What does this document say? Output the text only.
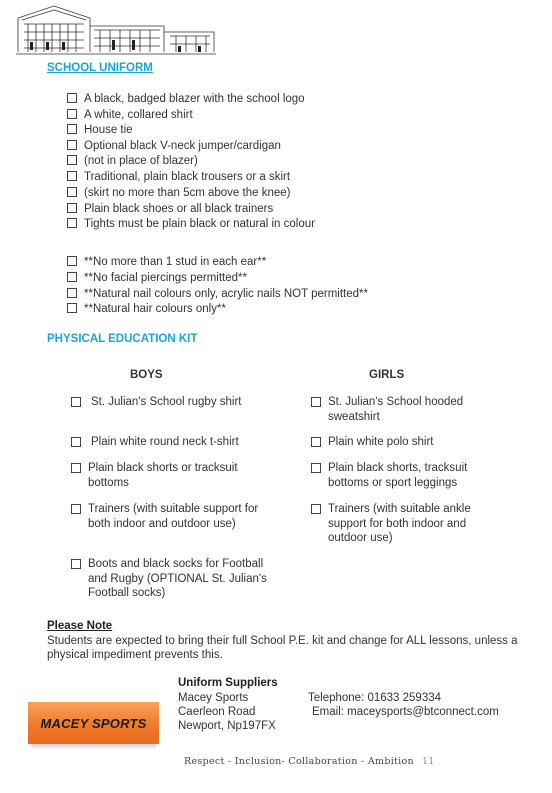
SCHOOL UNIFORM
A black, badged blazer with the school logo
A white, collared shirt
House tie
Optional black V-neck jumper/cardigan
(not in place of blazer)
Traditional, plain black trousers or a skirt
(skirt no more than 5cm above the knee)
Plain black shoes or all black trainers
Tights must be plain black or natural in colour
**No more than 1 stud in each ear**
**No facial piercings permitted**
**Natural nail colours only, acrylic nails NOT permitted**
**Natural hair colours only**
PHYSICAL EDUCATION KIT
BOYS	GIRLS
St. Julian's School rugby shirt
Plain white round neck t-shirt
Plain black shorts or tracksuit bottoms
Trainers (with suitable support for both indoor and outdoor use)
Boots and black socks for Football and Rugby (OPTIONAL St. Julian's Football socks)
St. Julian's School hooded sweatshirt
Plain white polo shirt
Plain black shorts, tracksuit bottoms or sport leggings
Trainers (with suitable ankle support for both indoor and outdoor use)
Please Note
Students are expected to bring their full School P.E. kit and change for ALL lessons, unless a physical impediment prevents this.
Uniform Suppliers
Macey Sports
Caerleon Road
Newport, Np197FX
Telephone: 01633 259334
Email: maceysports@btconnect.com
MACEY SPORTS
Respect - Inclusion- Collaboration - Ambition 11
